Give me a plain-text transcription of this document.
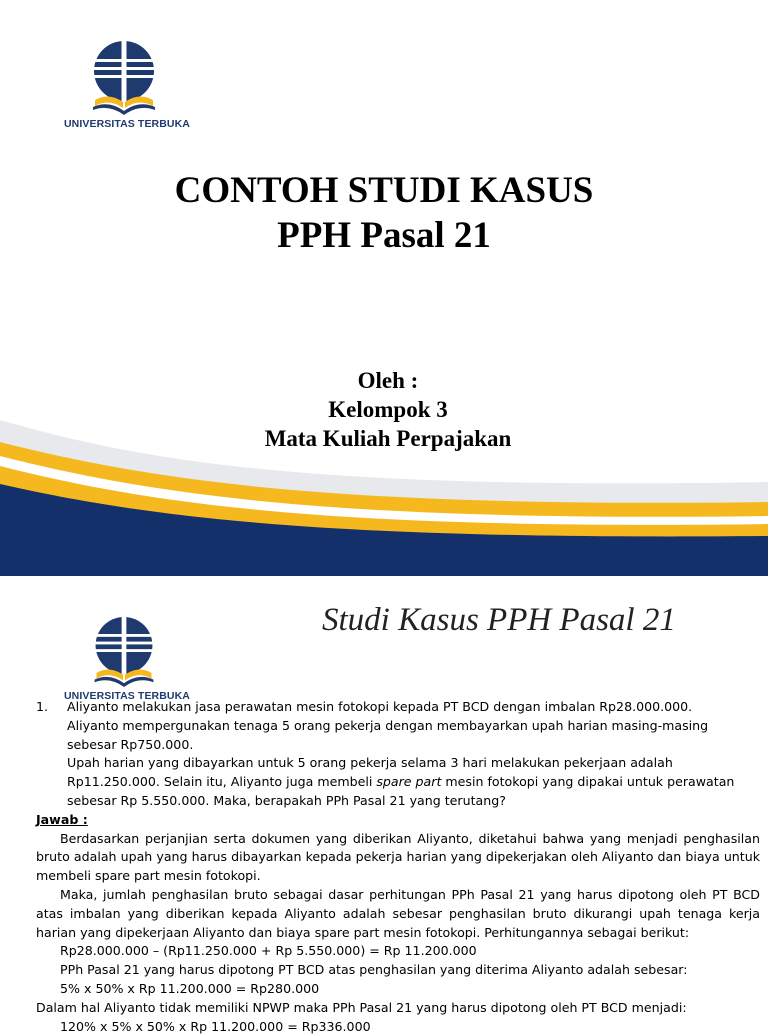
UNIVERSITAS TERBUKA
CONTOH STUDI KASUS
PPH Pasal 21
Oleh :
Kelompok 3
Mata Kuliah Perpajakan
UNIVERSITAS TERBUKA
Studi Kasus PPH Pasal 21
1. Aliyanto melakukan jasa perawatan mesin fotokopi kepada PT BCD dengan imbalan Rp28.000.000.
Aliyanto mempergunakan tenaga 5 orang pekerja dengan membayarkan upah harian masing-masing sebesar Rp750.000.
Upah harian yang dibayarkan untuk 5 orang pekerja selama 3 hari melakukan pekerjaan adalah Rp11.250.000. Selain itu, Aliyanto juga membeli spare part mesin fotokopi yang dipakai untuk perawatan sebesar Rp 5.550.000. Maka, berapakah PPh Pasal 21 yang terutang?
Jawab :
Berdasarkan perjanjian serta dokumen yang diberikan Aliyanto, diketahui bahwa yang menjadi penghasilan bruto adalah upah yang harus dibayarkan kepada pekerja harian yang dipekerjakan oleh Aliyanto dan biaya untuk membeli spare part mesin fotokopi.
Maka, jumlah penghasilan bruto sebagai dasar perhitungan PPh Pasal 21 yang harus dipotong oleh PT BCD atas imbalan yang diberikan kepada Aliyanto adalah sebesar penghasilan bruto dikurangi upah tenaga kerja harian yang dipekerjaan Aliyanto dan biaya spare part mesin fotokopi. Perhitungannya sebagai berikut:
Rp28.000.000 – (Rp11.250.000 + Rp 5.550.000) = Rp 11.200.000
PPh Pasal 21 yang harus dipotong PT BCD atas penghasilan yang diterima Aliyanto adalah sebesar:
5% x 50% x Rp 11.200.000 = Rp280.000
Dalam hal Aliyanto tidak memiliki NPWP maka PPh Pasal 21 yang harus dipotong oleh PT BCD menjadi:
120% x 5% x 50% x Rp 11.200.000 = Rp336.000
